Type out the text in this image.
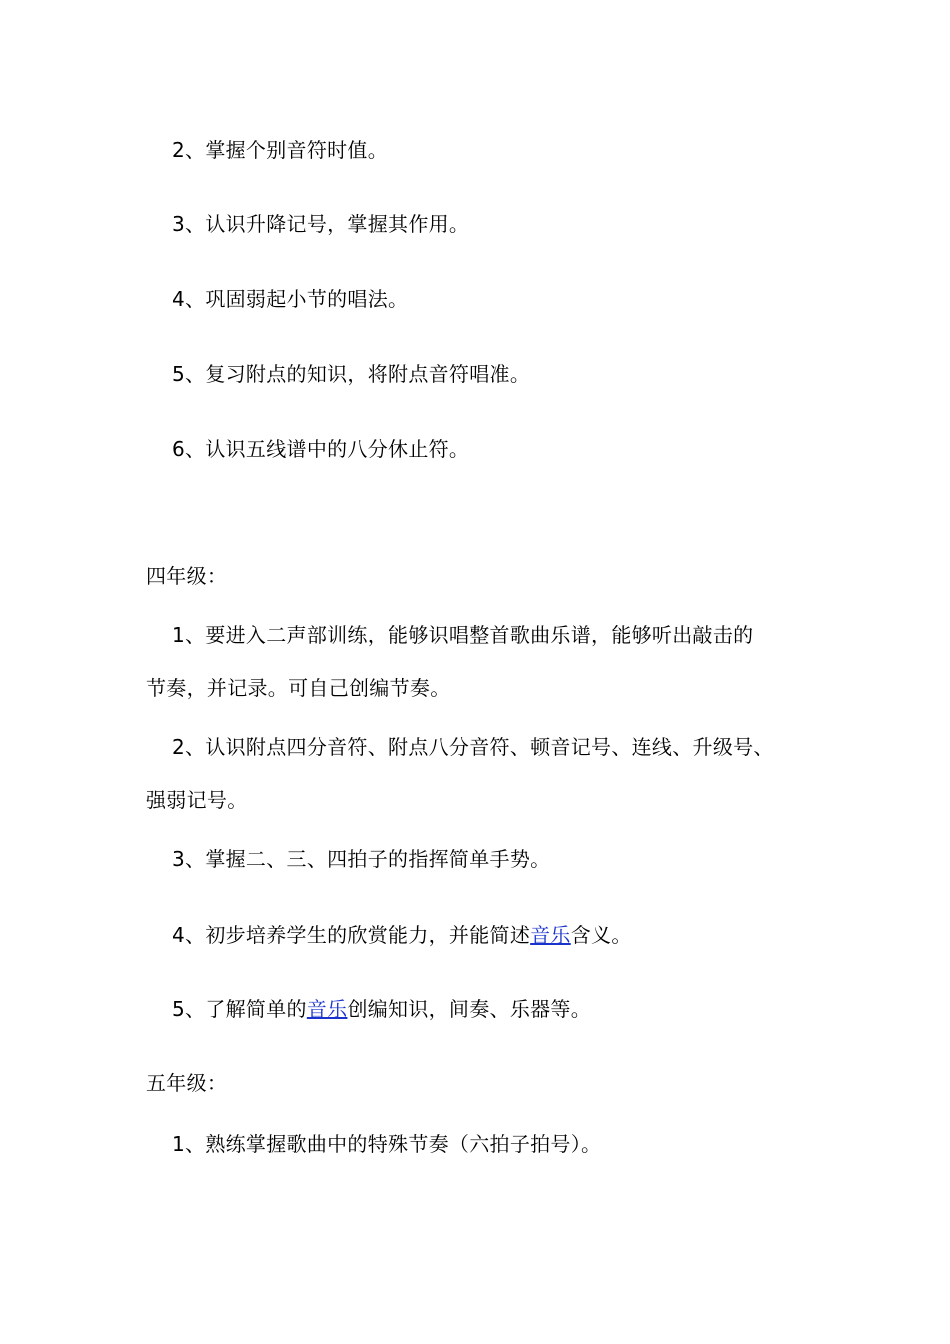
2、掌握个别音符时值。
3、认识升降记号，掌握其作用。
4、巩固弱起小节的唱法。
5、复习附点的知识，将附点音符唱准。
6、认识五线谱中的八分休止符。
四年级：
1、要进入二声部训练，能够识唱整首歌曲乐谱，能够听出敲击的
节奏，并记录。可自己创编节奏。
2、认识附点四分音符、附点八分音符、顿音记号、连线、升级号、
强弱记号。
3、掌握二、三、四拍子的指挥简单手势。
4、初步培养学生的欣赏能力，并能简述音乐含义。
5、了解简单的音乐创编知识，间奏、乐器等。
五年级：
1、熟练掌握歌曲中的特殊节奏（六拍子拍号）。
